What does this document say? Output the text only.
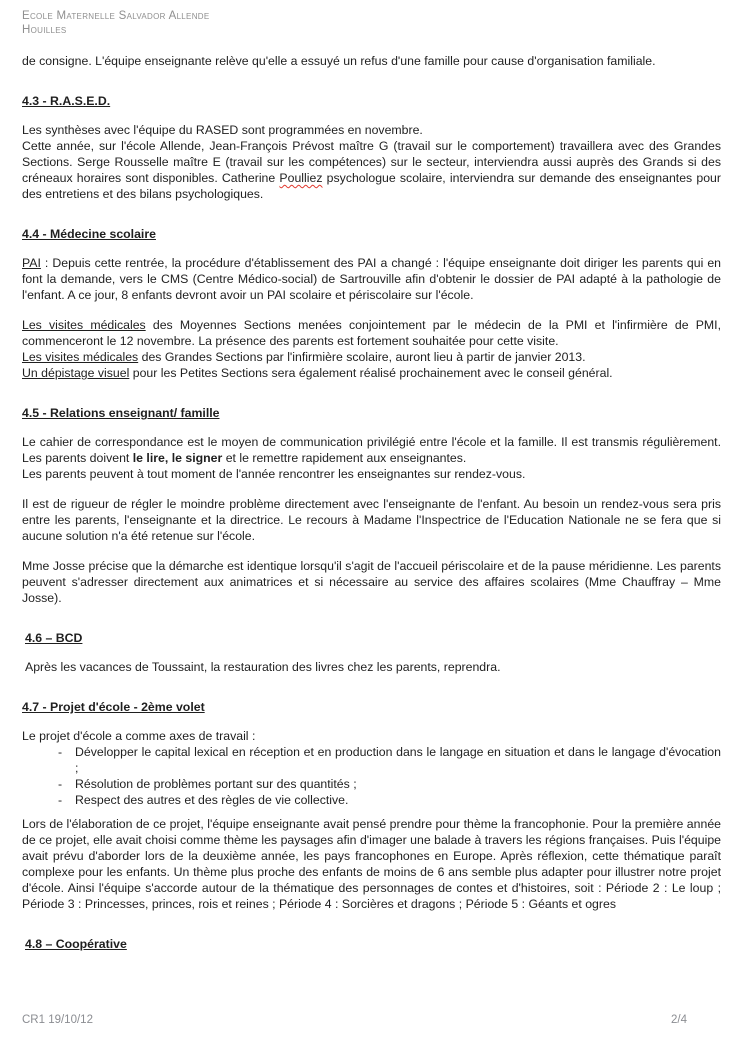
Ecole Maternelle Salvador Allende
Houilles

de consigne. L'équipe enseignante relève qu'elle a essuyé un refus d'une famille pour cause d'organisation familiale.

4.3 - R.A.S.E.D.

Les synthèses avec l'équipe du RASED sont programmées en novembre.
Cette année, sur l'école Allende, Jean-François Prévost maître G (travail sur le comportement) travaillera avec des Grandes Sections. Serge Rousselle maître E (travail sur les compétences) sur le secteur, interviendra aussi auprès des Grands si des créneaux horaires sont disponibles. Catherine Poulliez psychologue scolaire, interviendra sur demande des enseignantes pour des entretiens et des bilans psychologiques.

4.4 - Médecine scolaire

PAI : Depuis cette rentrée, la procédure d'établissement des PAI a changé : l'équipe enseignante doit diriger les parents qui en font la demande, vers le CMS (Centre Médico-social) de Sartrouville afin d'obtenir le dossier de PAI adapté à la pathologie de l'enfant. A ce jour, 8 enfants devront avoir un PAI scolaire et périscolaire sur l'école.

Les visites médicales des Moyennes Sections menées conjointement par le médecin de la PMI et l'infirmière de PMI, commenceront le 12 novembre. La présence des parents est fortement souhaitée pour cette visite.
Les visites médicales des Grandes Sections par l'infirmière scolaire, auront lieu à partir de janvier 2013.
Un dépistage visuel pour les Petites Sections sera également réalisé prochainement avec le conseil général.

4.5 - Relations enseignant/ famille

Le cahier de correspondance est le moyen de communication privilégié entre l'école et la famille. Il est transmis régulièrement. Les parents doivent le lire, le signer et le remettre rapidement aux enseignantes.
Les parents peuvent à tout moment de l'année rencontrer les enseignantes sur rendez-vous.

Il est de rigueur de régler le moindre problème directement avec l'enseignante de l'enfant. Au besoin un rendez-vous sera pris entre les parents, l'enseignante et la directrice. Le recours à Madame l'Inspectrice de l'Education Nationale ne se fera que si aucune solution n'a été retenue sur l'école.

Mme Josse précise que la démarche est identique lorsqu'il s'agit de l'accueil périscolaire et de la pause méridienne. Les parents peuvent s'adresser directement aux animatrices et si nécessaire au service des affaires scolaires (Mme Chauffray – Mme Josse).

4.6 – BCD

Après les vacances de Toussaint, la restauration des livres chez les parents, reprendra.

4.7 - Projet d'école - 2ème volet

Le projet d'école a comme axes de travail :

- Développer le capital lexical en réception et en production dans le langage en situation et dans le langage d'évocation ;
- Résolution de problèmes portant sur des quantités ;
- Respect des autres et des règles de vie collective.

Lors de l'élaboration de ce projet, l'équipe enseignante avait pensé prendre pour thème la francophonie. Pour la première année de ce projet, elle avait choisi comme thème les paysages afin d'imager une balade à travers les régions françaises. Puis l'équipe avait prévu d'aborder lors de la deuxième année, les pays francophones en Europe. Après réflexion, cette thématique paraît complexe pour les enfants. Un thème plus proche des enfants de moins de 6 ans semble plus adapter pour illustrer notre projet d'école. Ainsi l'équipe s'accorde autour de la thématique des personnages de contes et d'histoires, soit : Période 2 : Le loup ; Période 3 : Princesses, princes, rois et reines ; Période 4 : Sorcières et dragons ; Période 5 : Géants et ogres

4.8 – Coopérative
CR1 19/10/12	2/4
